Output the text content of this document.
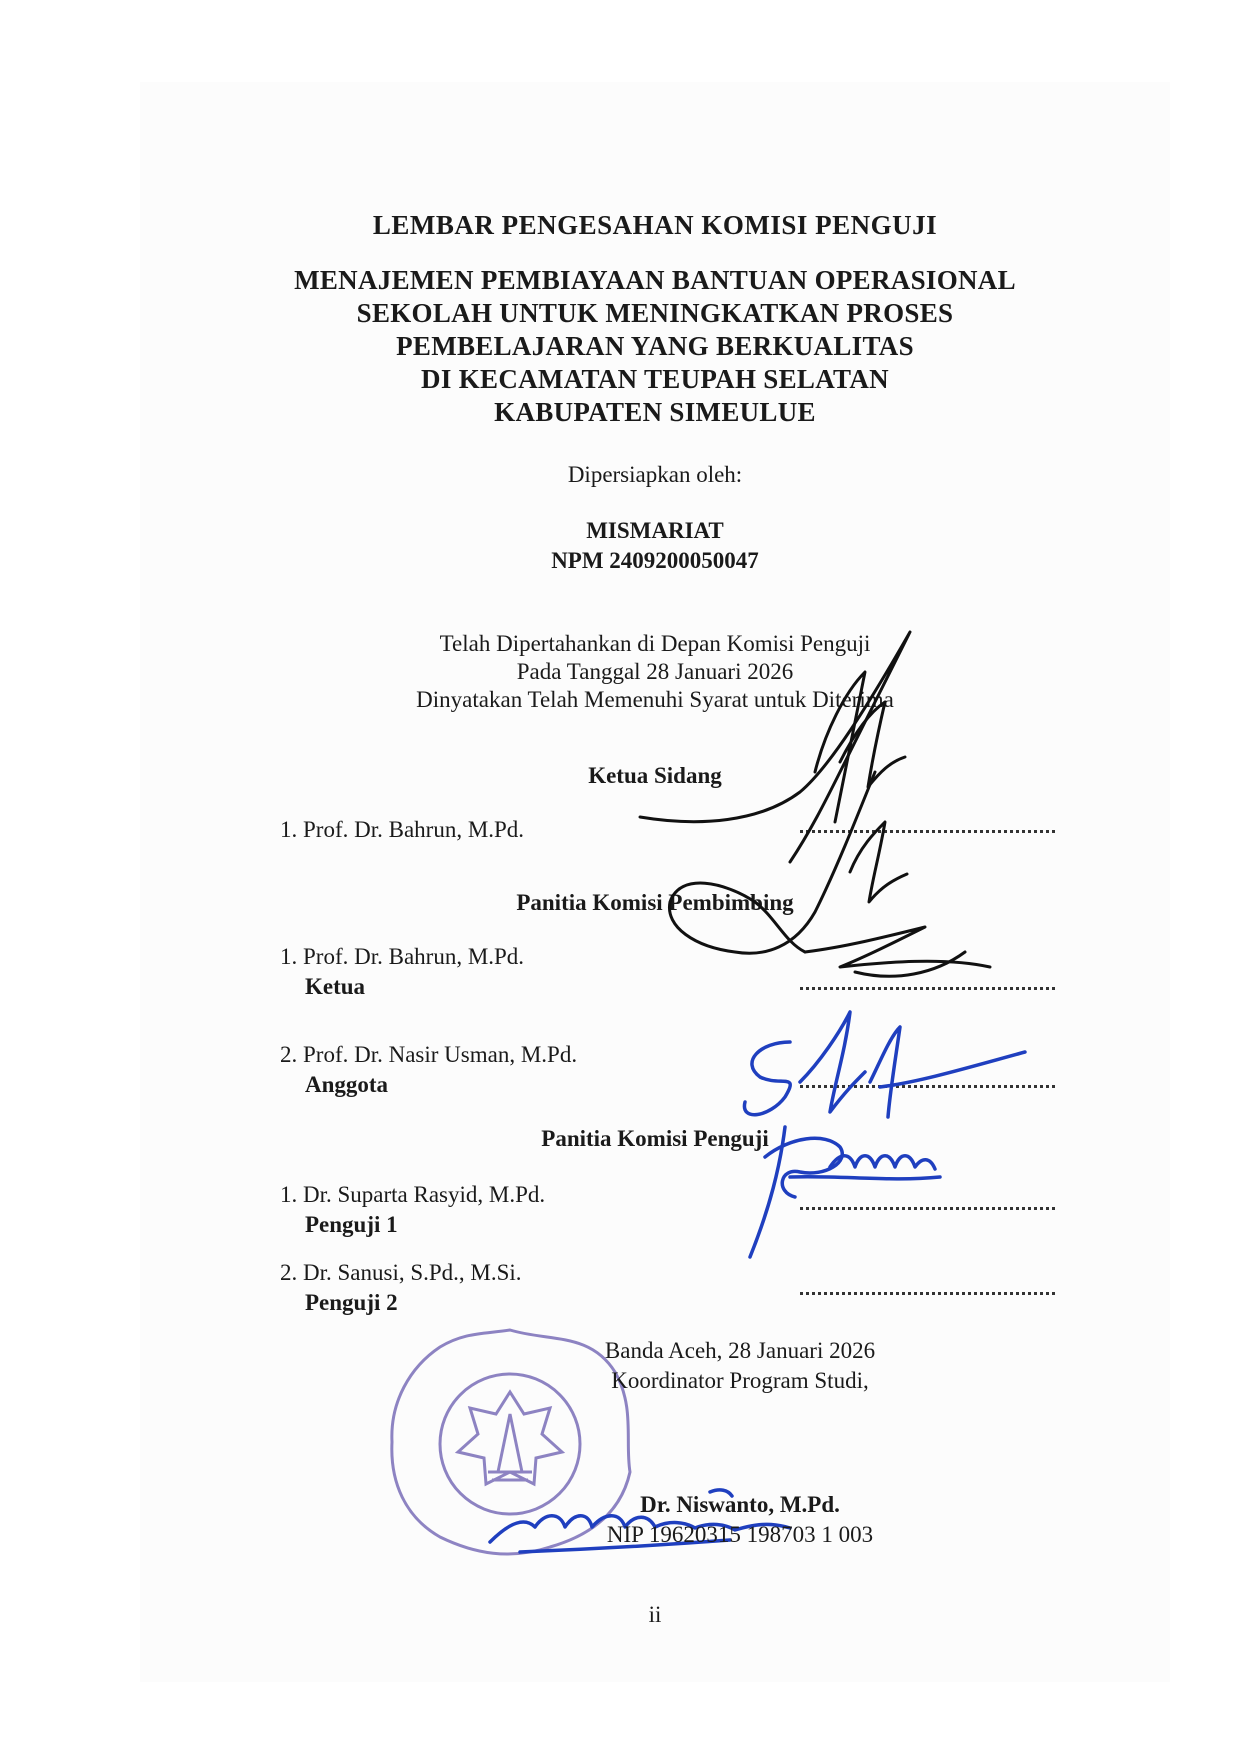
LEMBAR PENGESAHAN KOMISI PENGUJI
MENAJEMEN PEMBIAYAAN BANTUAN OPERASIONAL
SEKOLAH UNTUK MENINGKATKAN PROSES
PEMBELAJARAN YANG BERKUALITAS
DI KECAMATAN TEUPAH SELATAN
KABUPATEN SIMEULUE
Dipersiapkan oleh:
MISMARIAT
NPM 2409200050047
Telah Dipertahankan di Depan Komisi Penguji
Pada Tanggal 28 Januari 2026
Dinyatakan Telah Memenuhi Syarat untuk Diterima
Ketua Sidang
1. Prof. Dr. Bahrun, M.Pd.
Panitia Komisi Pembimbing
1. Prof. Dr. Bahrun, M.Pd.
Ketua
2. Prof. Dr. Nasir Usman, M.Pd.
Anggota
Panitia Komisi Penguji
1. Dr. Suparta Rasyid, M.Pd.
Penguji 1
2. Dr. Sanusi, S.Pd., M.Si.
Penguji 2
Banda Aceh, 28 Januari 2026
Koordinator Program Studi,
Dr. Niswanto, M.Pd.
NIP 19620315 198703 1 003
ii
